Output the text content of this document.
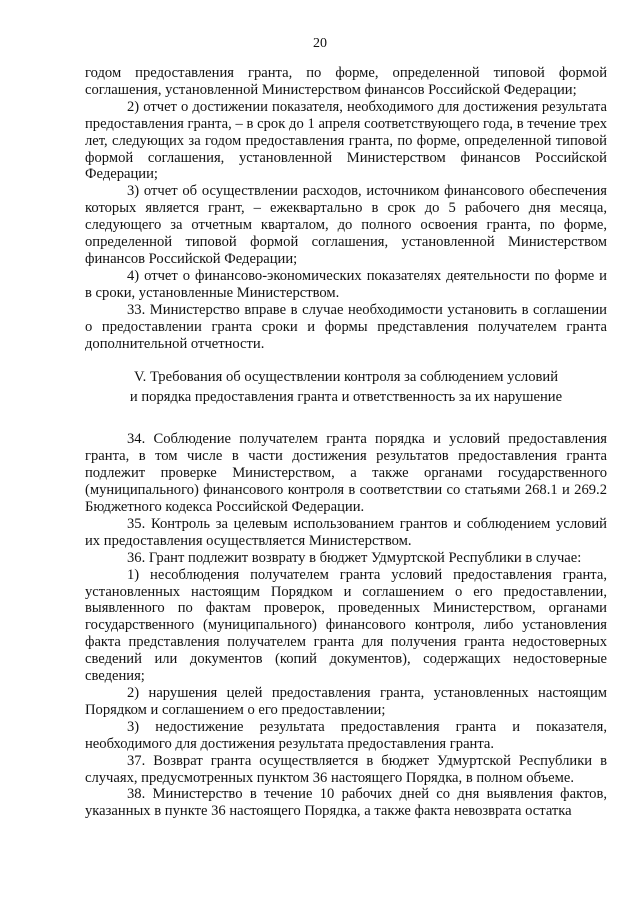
20

годом предоставления гранта, по форме, определенной типовой формой соглашения, установленной Министерством финансов Российской Федерации;

2) отчет о достижении показателя, необходимого для достижения результата предоставления гранта, – в срок до 1 апреля соответствующего года, в течение трех лет, следующих за годом предоставления гранта, по форме, определенной типовой формой соглашения, установленной Министерством финансов Российской Федерации;

3) отчет об осуществлении расходов, источником финансового обеспечения которых является грант, – ежеквартально в срок до 5 рабочего дня месяца, следующего за отчетным кварталом, до полного освоения гранта, по форме, определенной типовой формой соглашения, установленной Министерством финансов Российской Федерации;

4) отчет о финансово-экономических показателях деятельности по форме и в сроки, установленные Министерством.

33. Министерство вправе в случае необходимости установить в соглашении о предоставлении гранта сроки и формы представления получателем гранта дополнительной отчетности.

V. Требования об осуществлении контроля за соблюдением условий
и порядка предоставления гранта и ответственность за их нарушение

34. Соблюдение получателем гранта порядка и условий предоставления гранта, в том числе в части достижения результатов предоставления гранта подлежит проверке Министерством, а также органами государственного (муниципального) финансового контроля в соответствии со статьями 268.1 и 269.2 Бюджетного кодекса Российской Федерации.

35. Контроль за целевым использованием грантов и соблюдением условий их предоставления осуществляется Министерством.

36. Грант подлежит возврату в бюджет Удмуртской Республики в случае:

1) несоблюдения получателем гранта условий предоставления гранта, установленных настоящим Порядком и соглашением о его предоставлении, выявленного по фактам проверок, проведенных Министерством, органами государственного (муниципального) финансового контроля, либо установления факта представления получателем гранта для получения гранта недостоверных сведений или документов (копий документов), содержащих недостоверные сведения;

2) нарушения целей предоставления гранта, установленных настоящим Порядком и соглашением о его предоставлении;

3) недостижение результата предоставления гранта и показателя, необходимого для достижения результата предоставления гранта.

37. Возврат гранта осуществляется в бюджет Удмуртской Республики в случаях, предусмотренных пунктом 36 настоящего Порядка, в полном объеме.

38. Министерство в течение 10 рабочих дней со дня выявления фактов, указанных в пункте 36 настоящего Порядка, а также факта невозврата остатка
